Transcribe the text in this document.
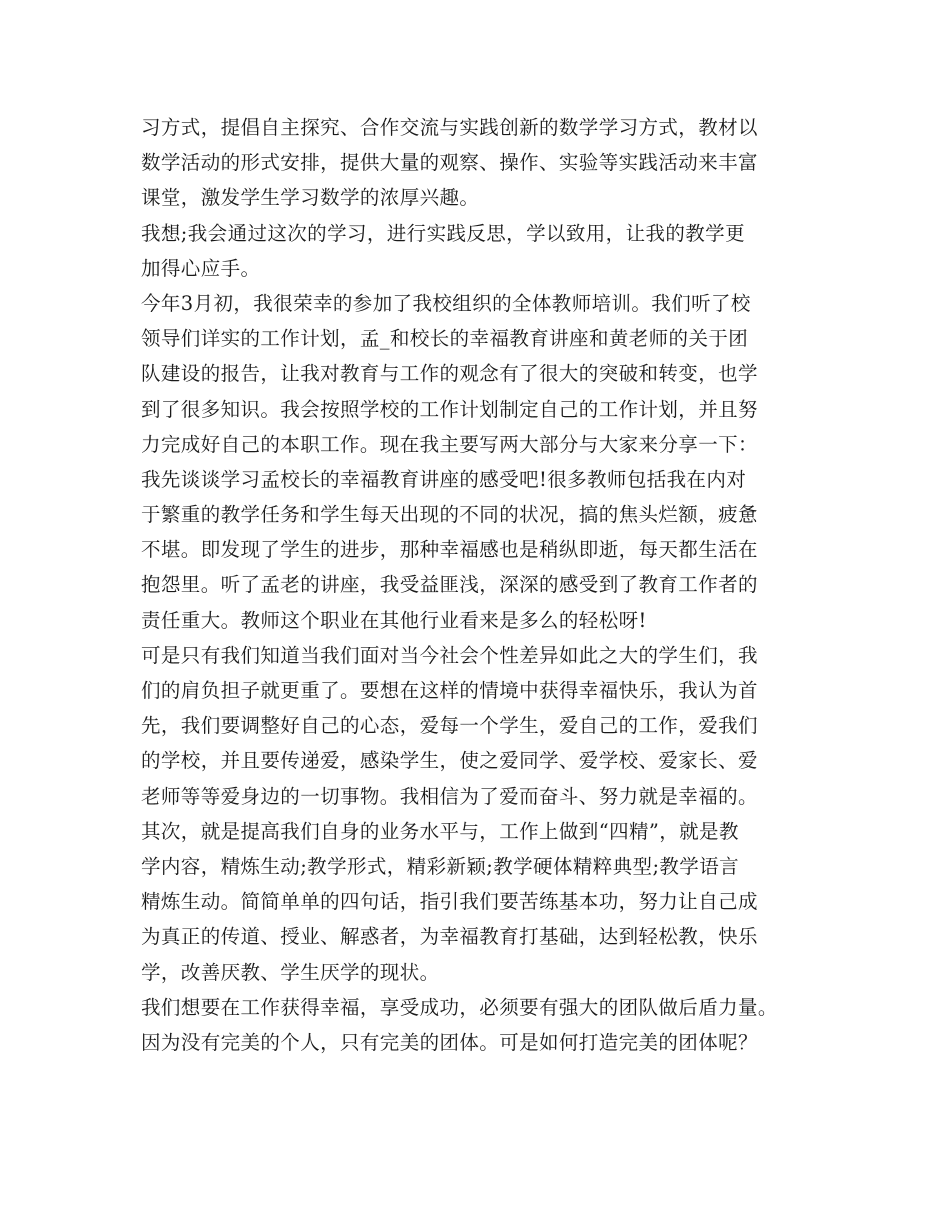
习方式，提倡自主探究、合作交流与实践创新的数学学习方式，教材以
数学活动的形式安排，提供大量的观察、操作、实验等实践活动来丰富
课堂，激发学生学习数学的浓厚兴趣。
我想;我会通过这次的学习，进行实践反思，学以致用，让我的教学更
加得心应手。
今年3月初，我很荣幸的参加了我校组织的全体教师培训。我们听了校
领导们详实的工作计划，孟_和校长的幸福教育讲座和黄老师的关于团
队建设的报告，让我对教育与工作的观念有了很大的突破和转变，也学
到了很多知识。我会按照学校的工作计划制定自己的工作计划，并且努
力完成好自己的本职工作。现在我主要写两大部分与大家来分享一下：
我先谈谈学习孟校长的幸福教育讲座的感受吧!很多教师包括我在内对
于繁重的教学任务和学生每天出现的不同的状况，搞的焦头烂额，疲惫
不堪。即发现了学生的进步，那种幸福感也是稍纵即逝，每天都生活在
抱怨里。听了孟老的讲座，我受益匪浅，深深的感受到了教育工作者的
责任重大。教师这个职业在其他行业看来是多么的轻松呀!
可是只有我们知道当我们面对当今社会个性差异如此之大的学生们，我
们的肩负担子就更重了。要想在这样的情境中获得幸福快乐，我认为首
先，我们要调整好自己的心态，爱每一个学生，爱自己的工作，爱我们
的学校，并且要传递爱，感染学生，使之爱同学、爱学校、爱家长、爱
老师等等爱身边的一切事物。我相信为了爱而奋斗、努力就是幸福的。
其次，就是提高我们自身的业务水平与，工作上做到“四精”，就是教
学内容，精炼生动;教学形式，精彩新颖;教学硬体精粹典型;教学语言
精炼生动。简简单单的四句话，指引我们要苦练基本功，努力让自己成
为真正的传道、授业、解惑者，为幸福教育打基础，达到轻松教，快乐
学，改善厌教、学生厌学的现状。
我们想要在工作获得幸福，享受成功，必须要有强大的团队做后盾力量。
因为没有完美的个人，只有完美的团体。可是如何打造完美的团体呢？
